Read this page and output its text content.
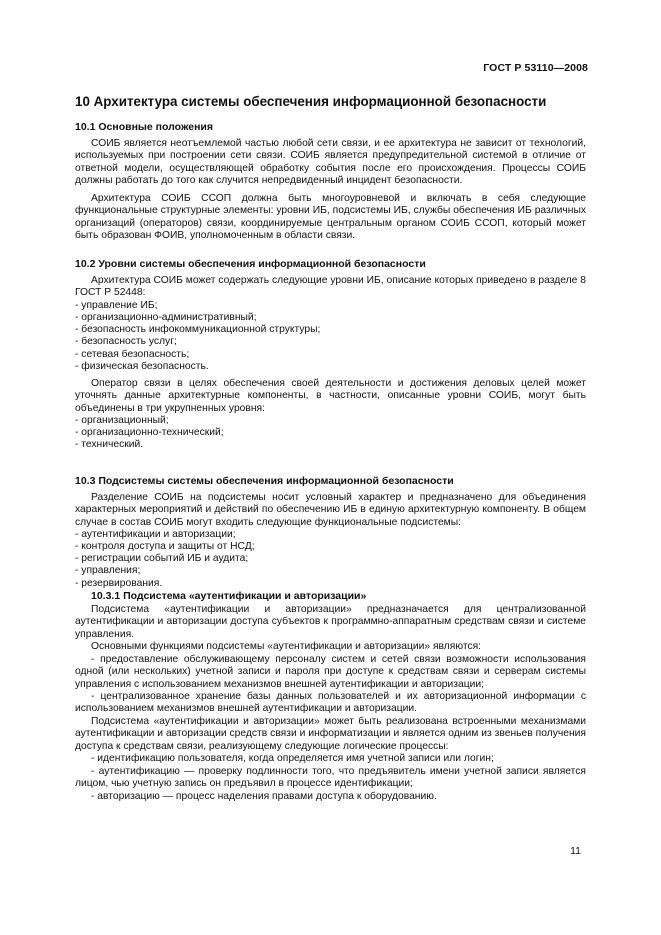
ГОСТ Р 53110—2008
10 Архитектура системы обеспечения информационной безопасности
10.1 Основные положения
СОИБ является неотъемлемой частью любой сети связи, и ее архитектура не зависит от технологий, используемых при построении сети связи. СОИБ является предупредительной системой в отличие от ответной модели, осуществляющей обработку события после его происхождения. Процессы СОИБ должны работать до того как случится непредвиденный инцидент безопасности.
Архитектура СОИБ ССОП должна быть многоуровневой и включать в себя следующие функциональные структурные элементы: уровни ИБ, подсистемы ИБ, службы обеспечения ИБ различных организаций (операторов) связи, координируемые центральным органом СОИБ ССОП, который может быть образован ФОИВ, уполномоченным в области связи.
10.2 Уровни системы обеспечения информационной безопасности
Архитектура СОИБ может содержать следующие уровни ИБ, описание которых приведено в разделе 8 ГОСТ Р 52448:
- управление ИБ;
- организационно-административный;
- безопасность инфокоммуникационной структуры;
- безопасность услуг;
- сетевая безопасность;
- физическая безопасность.
Оператор связи в целях обеспечения своей деятельности и достижения деловых целей может уточнять данные архитектурные компоненты, в частности, описанные уровни СОИБ, могут быть объединены в три укрупненных уровня:
- организационный;
- организационно-технический;
- технический.
10.3 Подсистемы системы обеспечения информационной безопасности
Разделение СОИБ на подсистемы носит условный характер и предназначено для объединения характерных мероприятий и действий по обеспечению ИБ в единую архитектурную компоненту. В общем случае в состав СОИБ могут входить следующие функциональные подсистемы:
- аутентификации и авторизации;
- контроля доступа и защиты от НСД;
- регистрации событий ИБ и аудита;
- управления;
- резервирования.
10.3.1 Подсистема «аутентификации и авторизации»
Подсистема «аутентификации и авторизации» предназначается для централизованной аутентификации и авторизации доступа субъектов к программно-аппаратным средствам связи и системе управления.
Основными функциями подсистемы «аутентификации и авторизации» являются:
- предоставление обслуживающему персоналу систем и сетей связи возможности использования одной (или нескольких) учетной записи и пароля при доступе к средствам связи и серверам системы управления с использованием механизмов внешней аутентификации и авторизации;
- централизованное хранение базы данных пользователей и их авторизационной информации с использованием механизмов внешней аутентификации и авторизации.
Подсистема «аутентификации и авторизации» может быть реализована встроенными механизмами аутентификации и авторизации средств связи и информатизации и является одним из звеньев получения доступа к средствам связи, реализующему следующие логические процессы:
- идентификацию пользователя, когда определяется имя учетной записи или логин;
- аутентификацию — проверку подлинности того, что предъявитель имени учетной записи является лицом, чью учетную запись он предъявил в процессе идентификации;
- авторизацию — процесс наделения правами доступа к оборудованию.
11
